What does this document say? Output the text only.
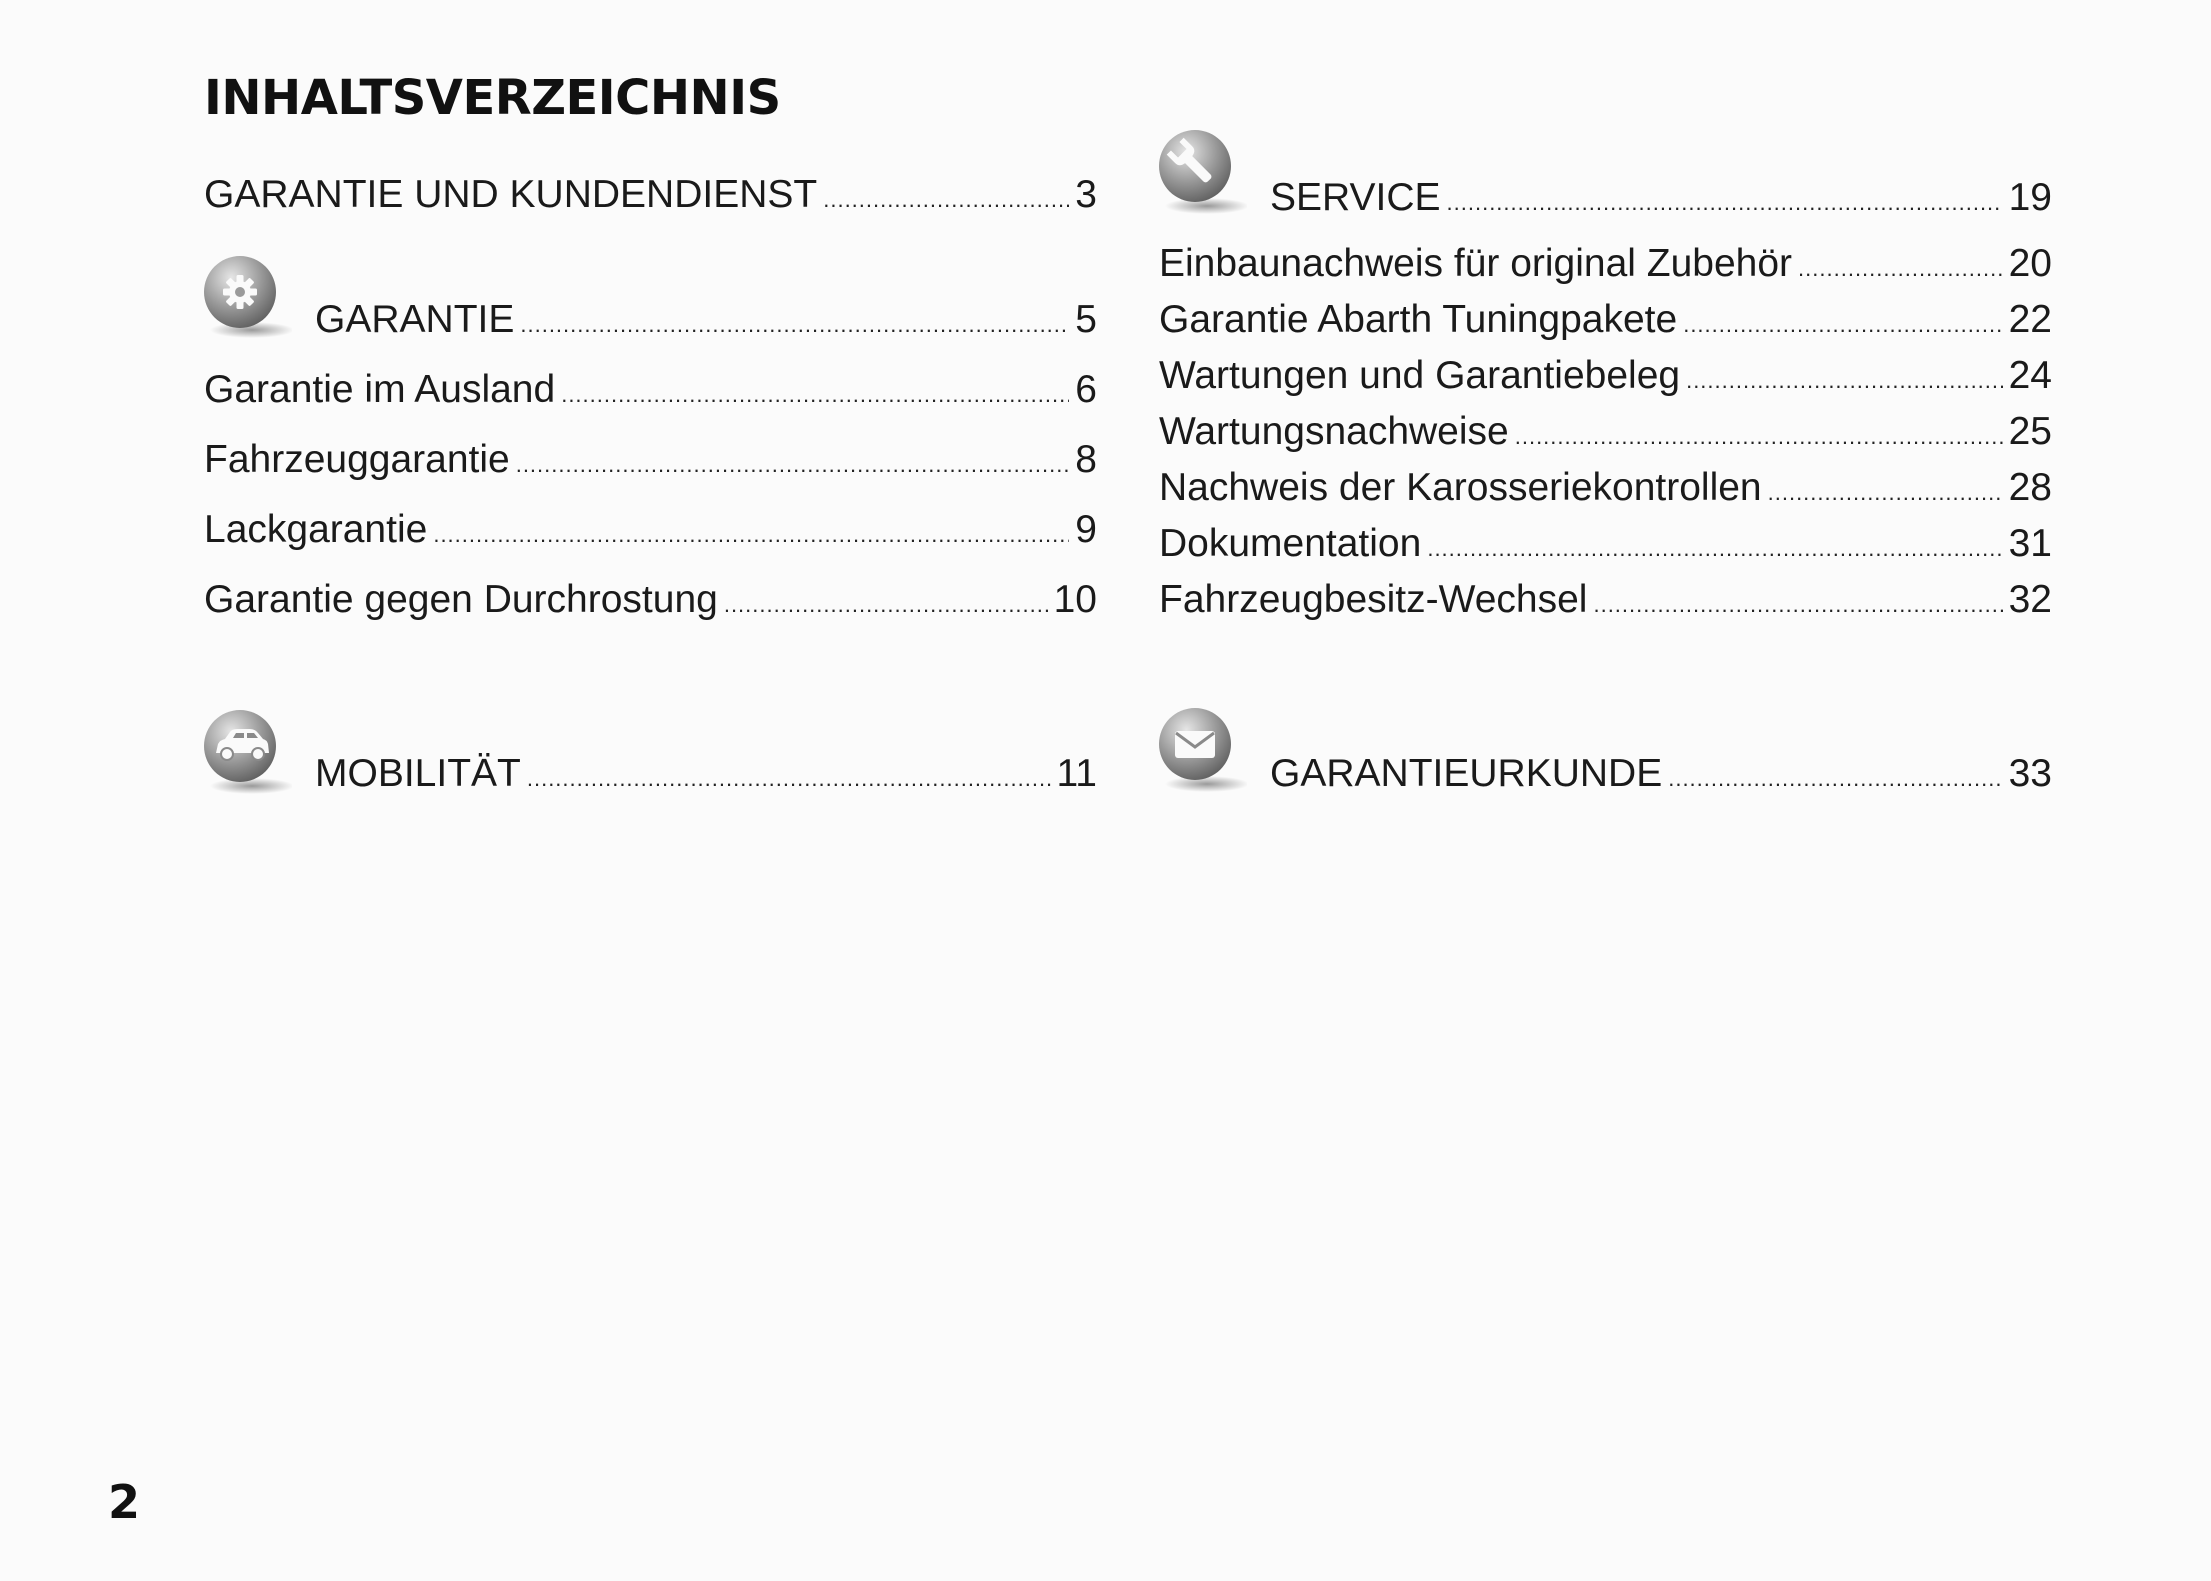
INHALTSVERZEICHNIS
GARANTIE UND KUNDENDIENST .....	3
GARANTIE .....	5
Garantie im Ausland .....	6
Fahrzeuggarantie .....	8
Lackgarantie .....	9
Garantie gegen Durchrostung .....	10
MOBILITÄT .....	11
SERVICE .....	19
Einbaunachweis für original Zubehör .....	20
Garantie Abarth Tuningpakete .....	22
Wartungen und Garantiebeleg .....	24
Wartungsnachweise .....	25
Nachweis der Karosseriekontrollen .....	28
Dokumentation .....	31
Fahrzeugbesitz-Wechsel .....	32
GARANTIEURKUNDE .....	33
2
